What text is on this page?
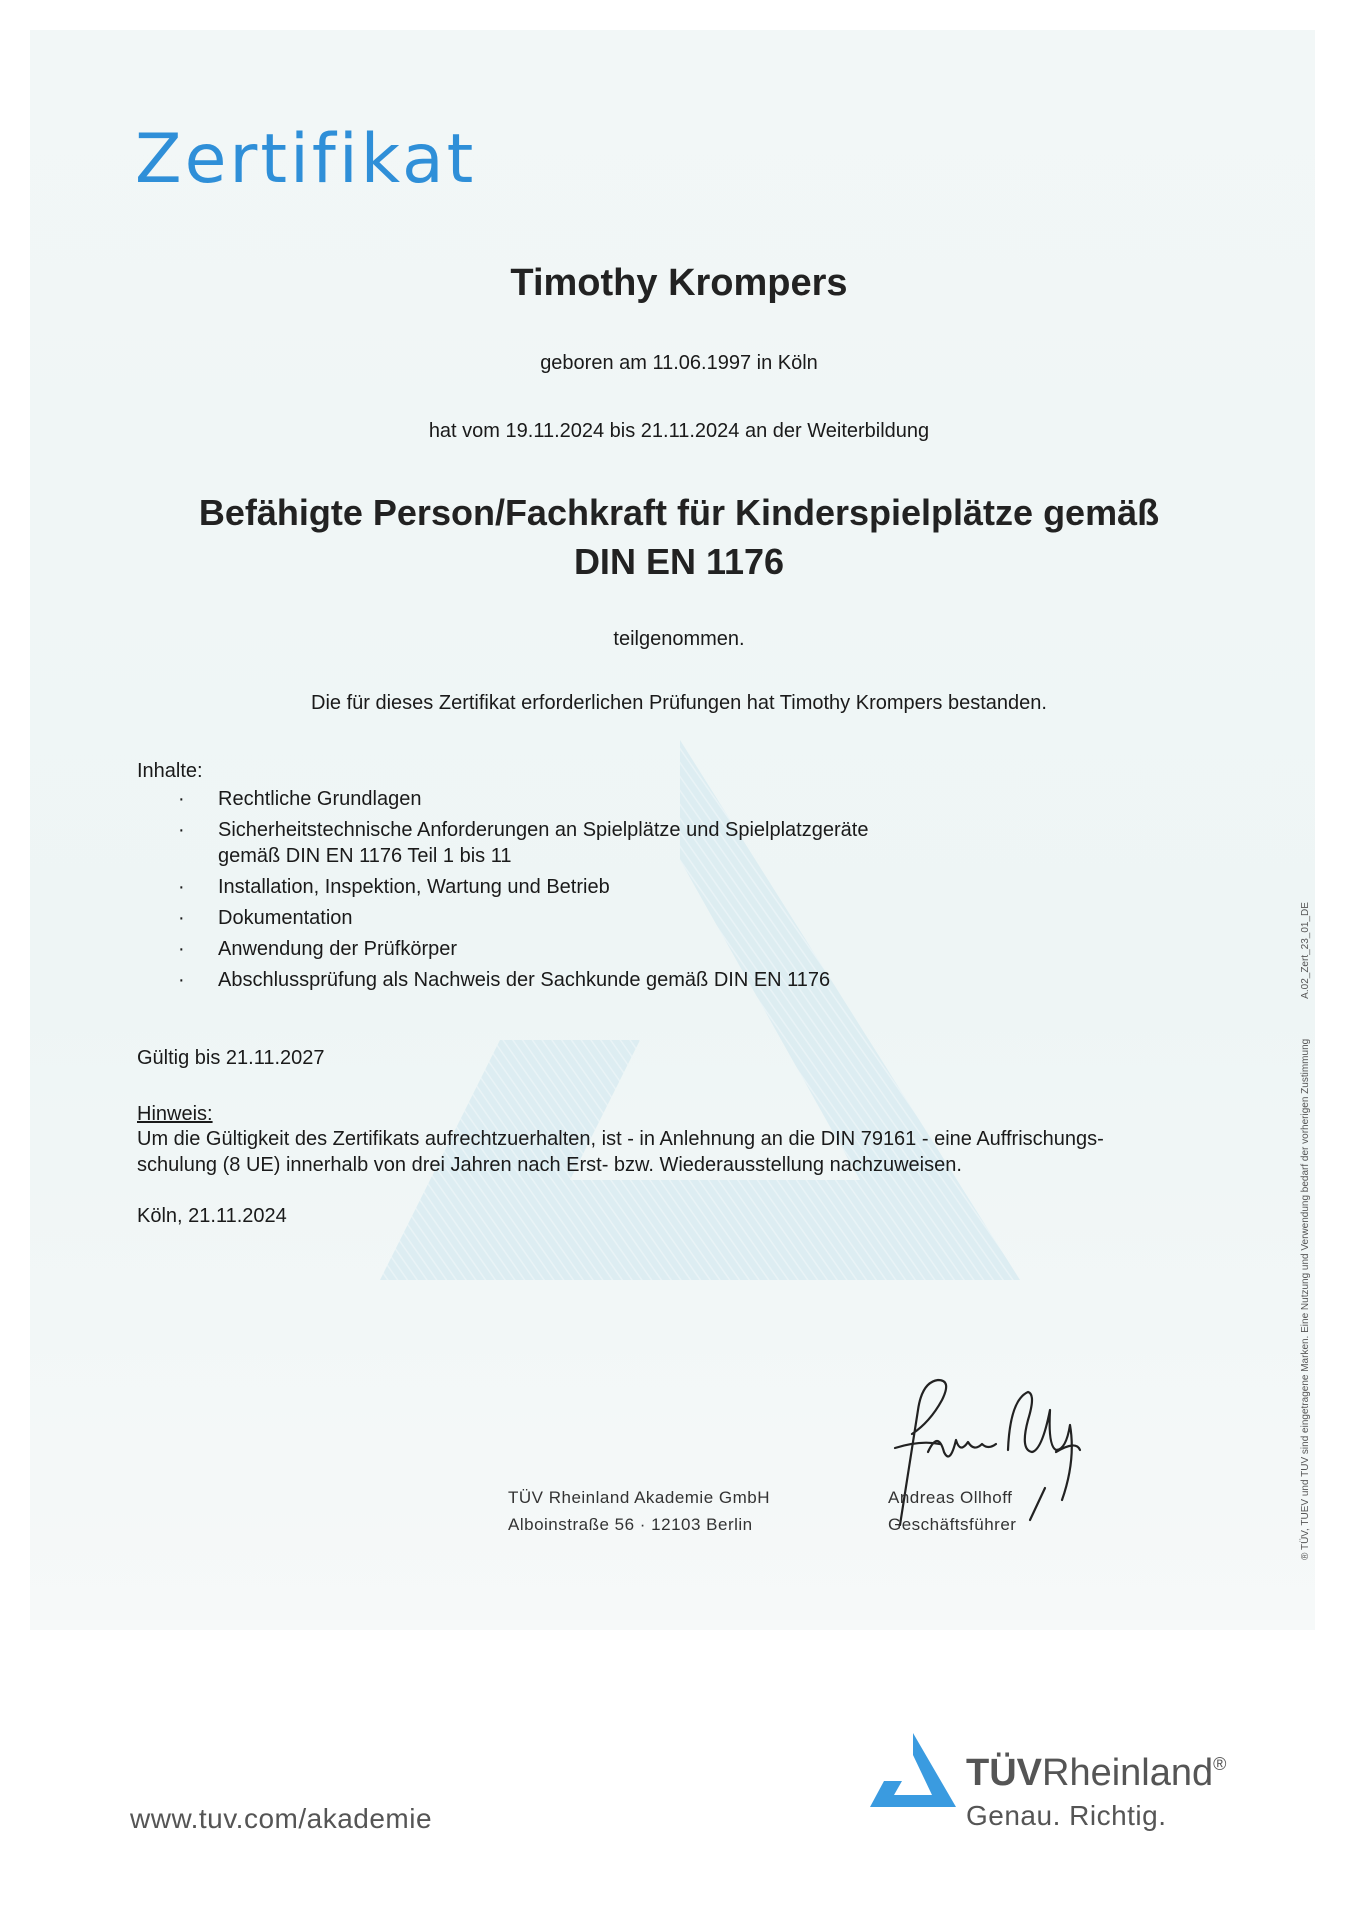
Zertifikat
Timothy Krompers
geboren am 11.06.1997 in Köln
hat vom 19.11.2024 bis 21.11.2024 an der Weiterbildung
Befähigte Person/Fachkraft für Kinderspielplätze gemäß
DIN EN 1176
teilgenommen.
Die für dieses Zertifikat erforderlichen Prüfungen hat Timothy Krompers bestanden.
Inhalte:
· Rechtliche Grundlagen
· Sicherheitstechnische Anforderungen an Spielplätze und Spielplatzgeräte
gemäß DIN EN 1176 Teil 1 bis 11
· Installation, Inspektion, Wartung und Betrieb
· Dokumentation
· Anwendung der Prüfkörper
· Abschlussprüfung als Nachweis der Sachkunde gemäß DIN EN 1176
Gültig bis 21.11.2027
Hinweis:
Um die Gültigkeit des Zertifikats aufrechtzuerhalten, ist - in Anlehnung an die DIN 79161 - eine Auffrischungs-
schulung (8 UE) innerhalb von drei Jahren nach Erst- bzw. Wiederausstellung nachzuweisen.
Köln, 21.11.2024
TÜV Rheinland Akademie GmbH
Alboinstraße 56 · 12103 Berlin
Andreas Ollhoff
Geschäftsführer	® TÜV, TUEV und TUV sind eingetragene Marken. Eine Nutzung und Verwendung bedarf der vorherigen ZustimmungA.02_Zert_23_01_DE
www.tuv.com/akademie
TÜVRheinland®
Genau. Richtig.
